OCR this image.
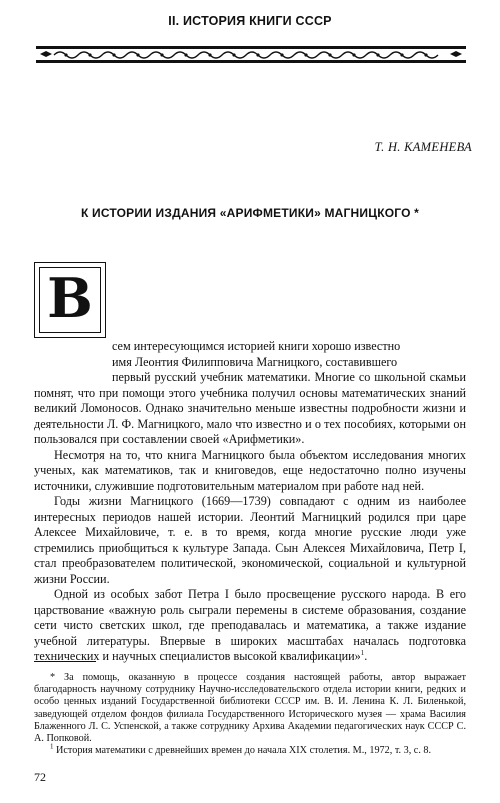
II. ИСТОРИЯ КНИГИ СССР
Т. Н. КАМЕНЕВА
К ИСТОРИИ ИЗДАНИЯ «АРИФМЕТИКИ» МАГНИЦКОГО *
В

сем интересующимся историей книги хорошо известно
имя Леонтия Филипповича Магницкого, составившего
первый русский учебник математики. Многие со школьной скамьи помнят, что при помощи этого учебника получил основы математических знаний великий Ломоносов. Однако значительно меньше известны подробности жизни и деятельности Л. Ф. Магницкого, мало что известно и о тех пособиях, которыми он пользовался при составлении своей «Арифметики».

Несмотря на то, что книга Магницкого была объектом исследования многих ученых, как математиков, так и книговедов, еще недостаточно полно изучены источники, служившие подготовительным материалом при работе над ней.

Годы жизни Магницкого (1669—1739) совпадают с одним из наиболее интересных периодов нашей истории. Леонтий Магницкий родился при царе Алексее Михайловиче, т. е. в то время, когда многие русские люди уже стремились приобщиться к культуре Запада. Сын Алексея Михайловича, Петр I, стал преобразователем политической, экономической, социальной и культурной жизни России.

Одной из особых забот Петра I было просвещение русского народа. В его царствование «важную роль сыграли перемены в системе образования, создание сети чисто светских школ, где преподавалась и математика, а также издание учебной литературы. Впервые в широких масштабах началась подготовка технических и научных специалистов высокой квалификации»$^1$.

* За помощь, оказанную в процессе создания настоящей работы, автор выражает благодарность научному сотруднику Научно-исследовательского отдела истории книги, редких и особо ценных изданий Государственной библиотеки СССР им. В. И. Ленина К. Л. Биленькой, заведующей отделом фондов филиала Государственного Исторического музея — храма Василия Блаженного Л. С. Успенской, а также сотруднику Архива Академии педагогических наук СССР С. А. Попковой.

$^1$ История математики с древнейших времен до начала XIX столетия. М., 1972, т. 3, с. 8.

72
